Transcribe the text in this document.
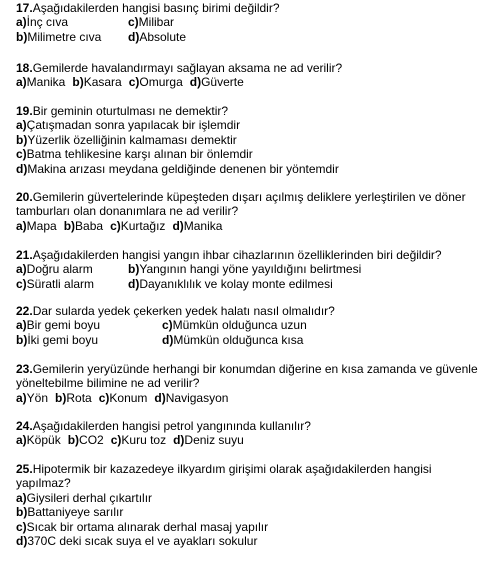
17.Aşağıdakilerden hangisi basınç birimi değildir?
a)İnç cıva	c)Milibar
b)Milimetre cıva d)Absolute
18.Gemilerde havalandırmayı sağlayan aksama ne ad verilir?
a)Manika b)Kasara c)Omurga d)Güverte
19.Bir geminin oturtulması ne demektir?
a)Çatışmadan sonra yapılacak bir işlemdir
b)Yüzerlik özelliğinin kalmaması demektir
c)Batma tehlikesine karşı alınan bir önlemdir
d)Makina arızası meydana geldiğinde denenen bir yöntemdir
20.Gemilerin güvertelerinde küpeşteden dışarı açılmış deliklere yerleştirilen ve döner tamburları olan donanımlara ne ad verilir?
a)Mapa b)Baba c)Kurtağız d)Manika
21.Aşağıdakilerden hangisi yangın ihbar cihazlarının özelliklerinden biri değildir?
a)Doğru alarm	b)Yangının hangi yöne yayıldığını belirtmesi
c)Süratli alarm	d)Dayanıklılık ve kolay monte edilmesi
22.Dar sularda yedek çekerken yedek halatı nasıl olmalıdır?
a)Bir gemi boyu	c)Mümkün olduğunca uzun
b)İki gemi boyu	d)Mümkün olduğunca kısa
23.Gemilerin yeryüzünde herhangi bir konumdan diğerine en kısa zamanda ve güvenle yöneltebilme bilimine ne ad verilir?
a)Yön b)Rota c)Konum d)Navigasyon
24.Aşağıdakilerden hangisi petrol yangınında kullanılır?
a)Köpük b)CO2 c)Kuru toz d)Deniz suyu
25.Hipotermik bir kazazedeye ilkyardım girişimi olarak aşağıdakilerden hangisi yapılmaz?
a)Giysileri derhal çıkartılır
b)Battaniyeye sarılır
c)Sıcak bir ortama alınarak derhal masaj yapılır
d)370C deki sıcak suya el ve ayakları sokulur
